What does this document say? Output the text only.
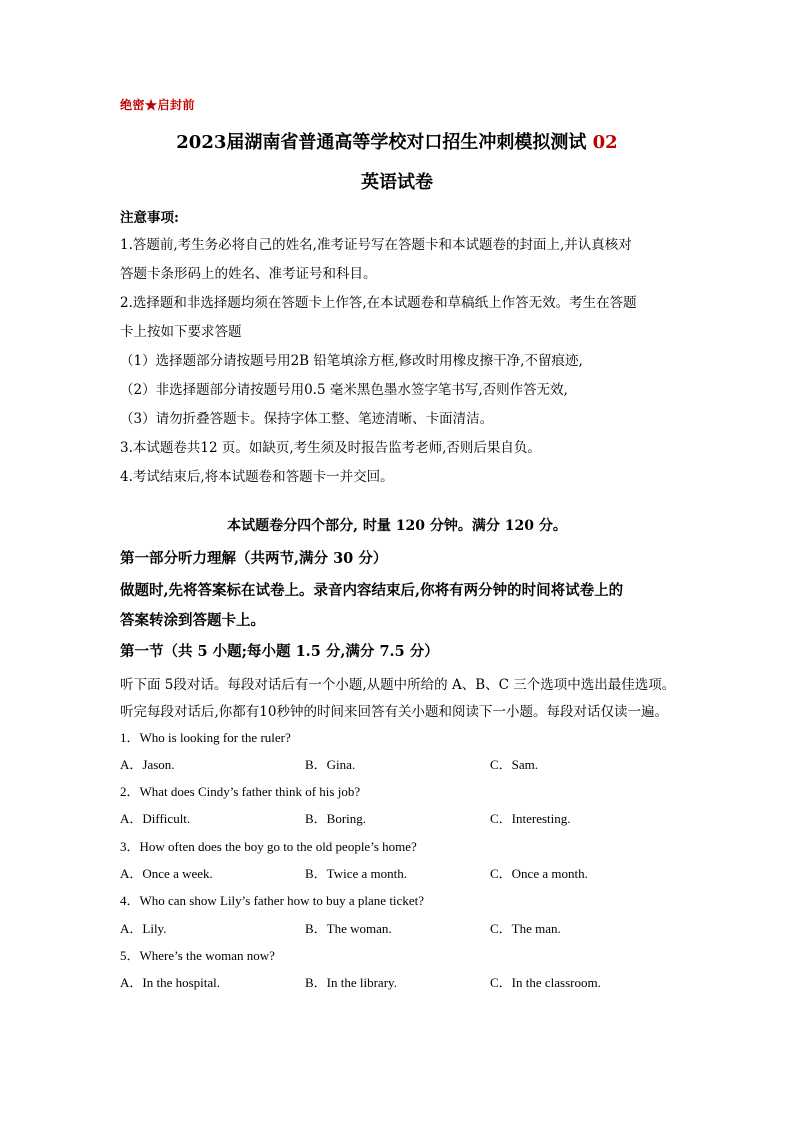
绝密★启封前
2023届湖南省普通高等学校对口招生冲刺模拟测试 02
英语试卷
注意事项:
1.答题前,考生务必将自己的姓名,准考证号写在答题卡和本试题卷的封面上,并认真核对
答题卡条形码上的姓名、准考证号和科目。
2.选择题和非选择题均须在答题卡上作答,在本试题卷和草稿纸上作答无效。考生在答题
卡上按如下要求答题
（1）选择题部分请按题号用2B 铅笔填涂方框,修改时用橡皮擦干净,不留痕迹,
（2）非选择题部分请按题号用0.5 毫米黑色墨水签字笔书写,否则作答无效,
（3）请勿折叠答题卡。保持字体工整、笔迹清晰、卡面清洁。
3.本试题卷共12 页。如缺页,考生须及时报告监考老师,否则后果自负。
4.考试结束后,将本试题卷和答题卡一并交回。
本试题卷分四个部分, 时量 120 分钟。满分 120 分。
第一部分听力理解（共两节,满分 30 分）
做题时,先将答案标在试卷上。录音内容结束后,你将有两分钟的时间将试卷上的
答案转涂到答题卡上。
第一节（共 5 小题;每小题 1.5 分,满分 7.5 分）
听下面 5段对话。每段对话后有一个小题,从题中所给的 A、B、C 三个选项中选出最佳选项。
听完每段对话后,你都有10秒钟的时间来回答有关小题和阅读下一小题。每段对话仅读一遍。
1．Who is looking for the ruler?
A．Jason.	B．Gina.	C．Sam.
2．What does Cindy’s father think of his job?
A．Difficult.	B．Boring.	C．Interesting.
3．How often does the boy go to the old people’s home?
A．Once a week.	B．Twice a month.	C．Once a month.
4．Who can show Lily’s father how to buy a plane ticket?
A．Lily.	B．The woman.	C．The man.
5．Where’s the woman now?
A．In the hospital.	B．In the library.	C．In the classroom.
